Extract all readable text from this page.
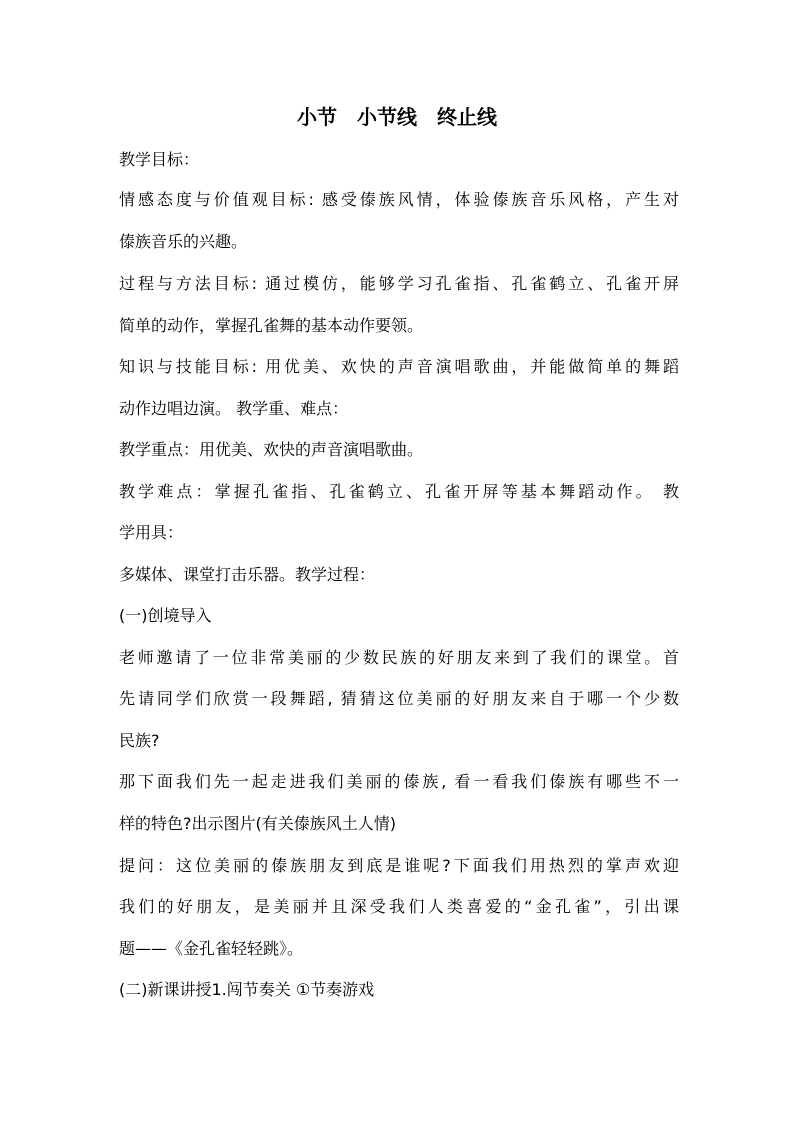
小节　小节线　终止线
教学目标：
情感态度与价值观目标: 感受傣族风情，体验傣族音乐风格，产生对
傣族音乐的兴趣。
过程与方法目标: 通过模仿，能够学习孔雀指、孔雀鹤立、孔雀开屏
简单的动作，掌握孔雀舞的基本动作要领。
知识与技能目标: 用优美、欢快的声音演唱歌曲，并能做简单的舞蹈
动作边唱边演。 教学重、难点：
教学重点：用优美、欢快的声音演唱歌曲。
教学难点：掌握孔雀指、孔雀鹤立、孔雀开屏等基本舞蹈动作。 教
学用具：
多媒体、课堂打击乐器。教学过程：
(一)创境导入
老师邀请了一位非常美丽的少数民族的好朋友来到了我们的课堂。首
先请同学们欣赏一段舞蹈, 猜猜这位美丽的好朋友来自于哪一个少数
民族?
那下面我们先一起走进我们美丽的傣族, 看一看我们傣族有哪些不一
样的特色?出示图片(有关傣族风土人情)
提问：这位美丽的傣族朋友到底是谁呢?下面我们用热烈的掌声欢迎
我们的好朋友，是美丽并且深受我们人类喜爱的“金孔雀”，引出课
题——《金孔雀轻轻跳》。
(二)新课讲授1.闯节奏关 ①节奏游戏
